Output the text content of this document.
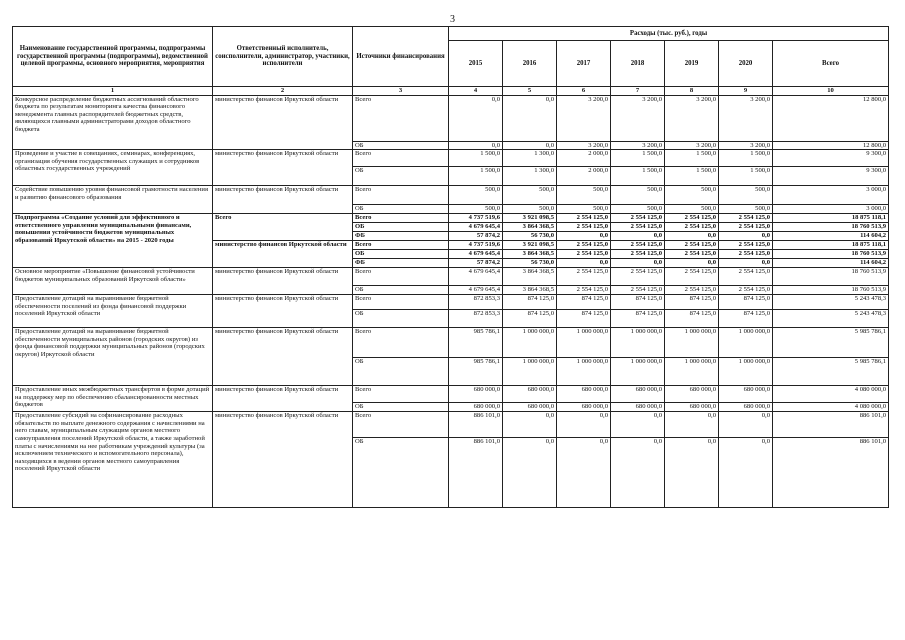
3
Наименование государственной программы, подпрограммы государственной программы (подпрограммы), ведомственной целевой программы, основного мероприятия, мероприятия	Ответственный исполнитель, соисполнители, администратор, участники, исполнители	Источники финансирования	Расходы (тыс. руб.), годы						
			2015	2016	2017	2018	2019	2020	Всего
1	2	3	4	5	6	7	8	9	10
Конкурсное распределение бюджетных ассигнований областного бюджета по результатам мониторинга качества финансового менеджмента главных распорядителей бюджетных средств, являющихся главными администраторами доходов областного бюджета	министерство финансов Иркутской области	Всего	0,0	0,0	3 200,0	3 200,0	3 200,0	3 200,0	12 800,0
		ОБ	0,0	0,0	3 200,0	3 200,0	3 200,0	3 200,0	12 800,0
Проведение и участие в совещаниях, семинарах, конференциях, организация обучения государственных служащих и сотрудников областных государственных учреждений	министерство финансов Иркутской области	Всего	1 500,0	1 300,0	2 000,0	1 500,0	1 500,0	1 500,0	9 300,0
		ОБ	1 500,0	1 300,0	2 000,0	1 500,0	1 500,0	1 500,0	9 300,0
Содействие повышению уровня финансовой грамотности населения и развитию финансового образования	министерство финансов Иркутской области	Всего	500,0	500,0	500,0	500,0	500,0	500,0	3 000,0
		ОБ	500,0	500,0	500,0	500,0	500,0	500,0	3 000,0
Подпрограмма «Создание условий для эффективного и ответственного управления муниципальными финансами, повышения устойчивости бюджетов муниципальных образований Иркутской области» на 2015 - 2020 годы	Всего	Всего	4 737 519,6	3 921 098,5	2 554 125,0	2 554 125,0	2 554 125,0	2 554 125,0	18 875 118,1
		ОБ	4 679 645,4	3 864 368,5	2 554 125,0	2 554 125,0	2 554 125,0	2 554 125,0	18 760 513,9
		ФБ	57 874,2	56 730,0	0,0	0,0	0,0	0,0	114 604,2
	министерство финансов Иркутской области	Всего	4 737 519,6	3 921 098,5	2 554 125,0	2 554 125,0	2 554 125,0	2 554 125,0	18 875 118,1
		ОБ	4 679 645,4	3 864 368,5	2 554 125,0	2 554 125,0	2 554 125,0	2 554 125,0	18 760 513,9
		ФБ	57 874,2	56 730,0	0,0	0,0	0,0	0,0	114 604,2
Основное мероприятие «Повышение финансовой устойчивости бюджетов муниципальных образований Иркутской области»	министерство финансов Иркутской области	Всего	4 679 645,4	3 864 368,5	2 554 125,0	2 554 125,0	2 554 125,0	2 554 125,0	18 760 513,9
		ОБ	4 679 645,4	3 864 368,5	2 554 125,0	2 554 125,0	2 554 125,0	2 554 125,0	18 760 513,9
Предоставление дотаций на выравнивание бюджетной обеспеченности поселений из фонда финансовой поддержки поселений Иркутской области	министерство финансов Иркутской области	Всего	872 853,3	874 125,0	874 125,0	874 125,0	874 125,0	874 125,0	5 243 478,3
		ОБ	872 853,3	874 125,0	874 125,0	874 125,0	874 125,0	874 125,0	5 243 478,3
Предоставление дотаций на выравнивание бюджетной обеспеченности муниципальных районов (городских округов) из фонда финансовой поддержки муниципальных районов (городских округов) Иркутской области	министерство финансов Иркутской области	Всего	985 786,1	1 000 000,0	1 000 000,0	1 000 000,0	1 000 000,0	1 000 000,0	5 985 786,1
		ОБ	985 786,1	1 000 000,0	1 000 000,0	1 000 000,0	1 000 000,0	1 000 000,0	5 985 786,1
Предоставление иных межбюджетных трансфертов в форме дотаций на поддержку мер по обеспечению сбалансированности местных бюджетов	министерство финансов Иркутской области	Всего	680 000,0	680 000,0	680 000,0	680 000,0	680 000,0	680 000,0	4 080 000,0
		ОБ	680 000,0	680 000,0	680 000,0	680 000,0	680 000,0	680 000,0	4 080 000,0
Предоставление субсидий на софинансирование расходных обязательств по выплате денежного содержания с начислениями на него главам, муниципальным служащим органов местного самоуправления поселений Иркутской области, а также заработной платы с начислениями на нее работникам учреждений культуры (за исключением технического и вспомогательного персонала), находящихся в ведении органов местного самоуправления поселений Иркутской области	министерство финансов Иркутской области	Всего	886 101,0	0,0	0,0	0,0	0,0	0,0	886 101,0
		ОБ	886 101,0	0,0	0,0	0,0	0,0	0,0	886 101,0
